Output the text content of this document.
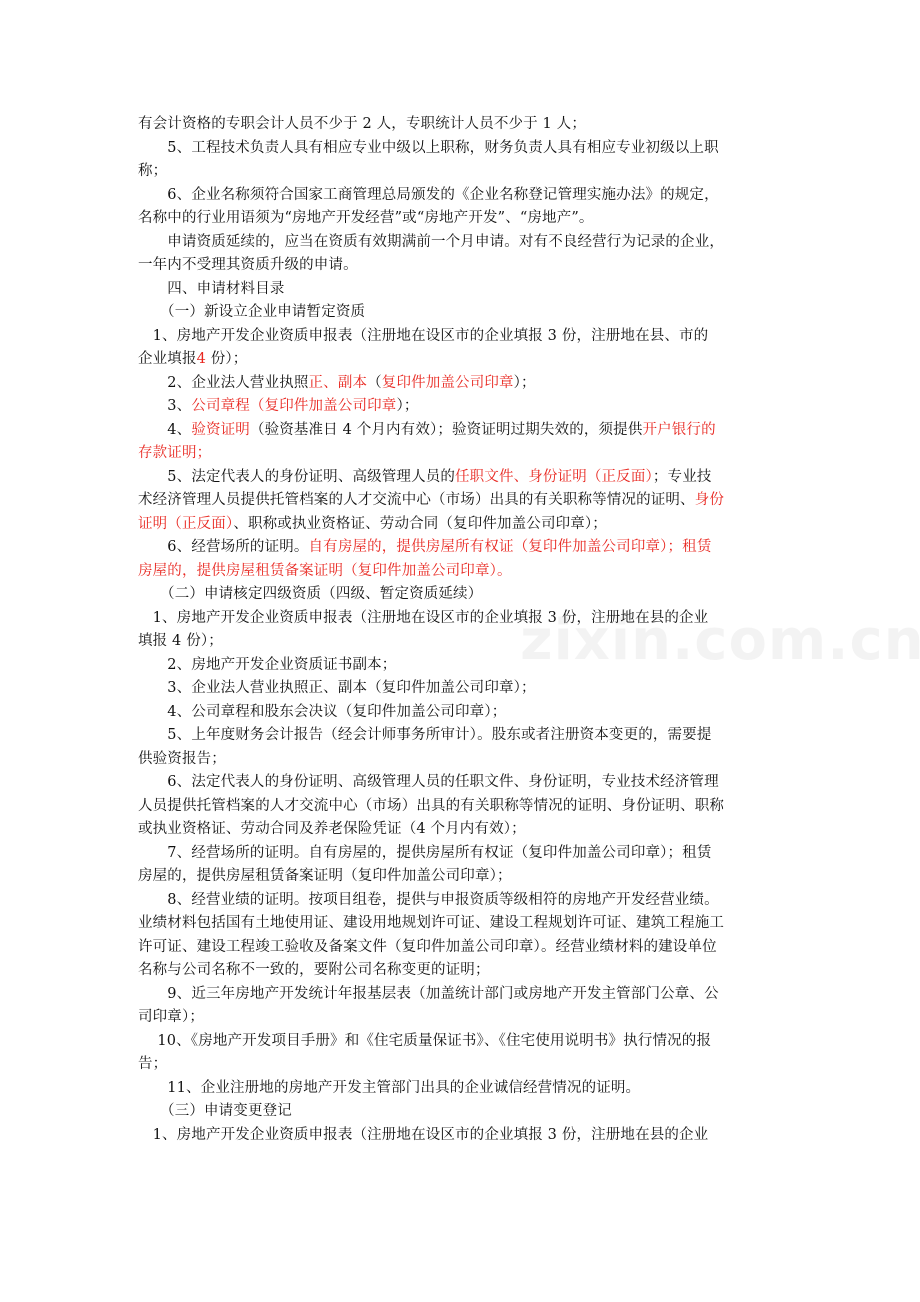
有会计资格的专职会计人员不少于 2 人，专职统计人员不少于 1 人；
　　5、工程技术负责人具有相应专业中级以上职称，财务负责人具有相应专业初级以上职
称；
　　6、企业名称须符合国家工商管理总局颁发的《企业名称登记管理实施办法》的规定，
名称中的行业用语须为“房地产开发经营”或“房地产开发”、“房地产”。
　　申请资质延续的，应当在资质有效期满前一个月申请。对有不良经营行为记录的企业，
一年内不受理其资质升级的申请。
　　四、申请材料目录
　　（一）新设立企业申请暂定资质
　1、房地产开发企业资质申报表（注册地在设区市的企业填报 3 份，注册地在县、市的
企业填报4 份）；
　　2、企业法人营业执照正、副本（复印件加盖公司印章）；
　　3、公司章程（复印件加盖公司印章）；
　　4、验资证明（验资基准日 4 个月内有效）；验资证明过期失效的，须提供开户银行的
存款证明；
　　5、法定代表人的身份证明、高级管理人员的任职文件、身份证明（正反面）；专业技
术经济管理人员提供托管档案的人才交流中心（市场）出具的有关职称等情况的证明、身份
证明（正反面）、职称或执业资格证、劳动合同（复印件加盖公司印章）；
　　6、经营场所的证明。自有房屋的，提供房屋所有权证（复印件加盖公司印章）；租赁
房屋的，提供房屋租赁备案证明（复印件加盖公司印章）。
　　（二）申请核定四级资质（四级、暂定资质延续）
　1、房地产开发企业资质申报表（注册地在设区市的企业填报 3 份，注册地在县的企业
填报 4 份）；
　　2、房地产开发企业资质证书副本；
　　3、企业法人营业执照正、副本（复印件加盖公司印章）；
　　4、公司章程和股东会决议（复印件加盖公司印章）；
　　5、上年度财务会计报告（经会计师事务所审计）。股东或者注册资本变更的，需要提
供验资报告；
　　6、法定代表人的身份证明、高级管理人员的任职文件、身份证明，专业技术经济管理
人员提供托管档案的人才交流中心（市场）出具的有关职称等情况的证明、身份证明、职称
或执业资格证、劳动合同及养老保险凭证（4 个月内有效）；
　　7、经营场所的证明。自有房屋的，提供房屋所有权证（复印件加盖公司印章）；租赁
房屋的，提供房屋租赁备案证明（复印件加盖公司印章）；
　　8、经营业绩的证明。按项目组卷，提供与申报资质等级相符的房地产开发经营业绩。
业绩材料包括国有土地使用证、建设用地规划许可证、建设工程规划许可证、建筑工程施工
许可证、建设工程竣工验收及备案文件（复印件加盖公司印章）。经营业绩材料的建设单位
名称与公司名称不一致的，要附公司名称变更的证明；
　　9、近三年房地产开发统计年报基层表（加盖统计部门或房地产开发主管部门公章、公
司印章）；
　 10、《房地产开发项目手册》和《住宅质量保证书》、《住宅使用说明书》执行情况的报
告；
　　11、企业注册地的房地产开发主管部门出具的企业诚信经营情况的证明。
　　（三）申请变更登记
　1、房地产开发企业资质申报表（注册地在设区市的企业填报 3 份，注册地在县的企业
